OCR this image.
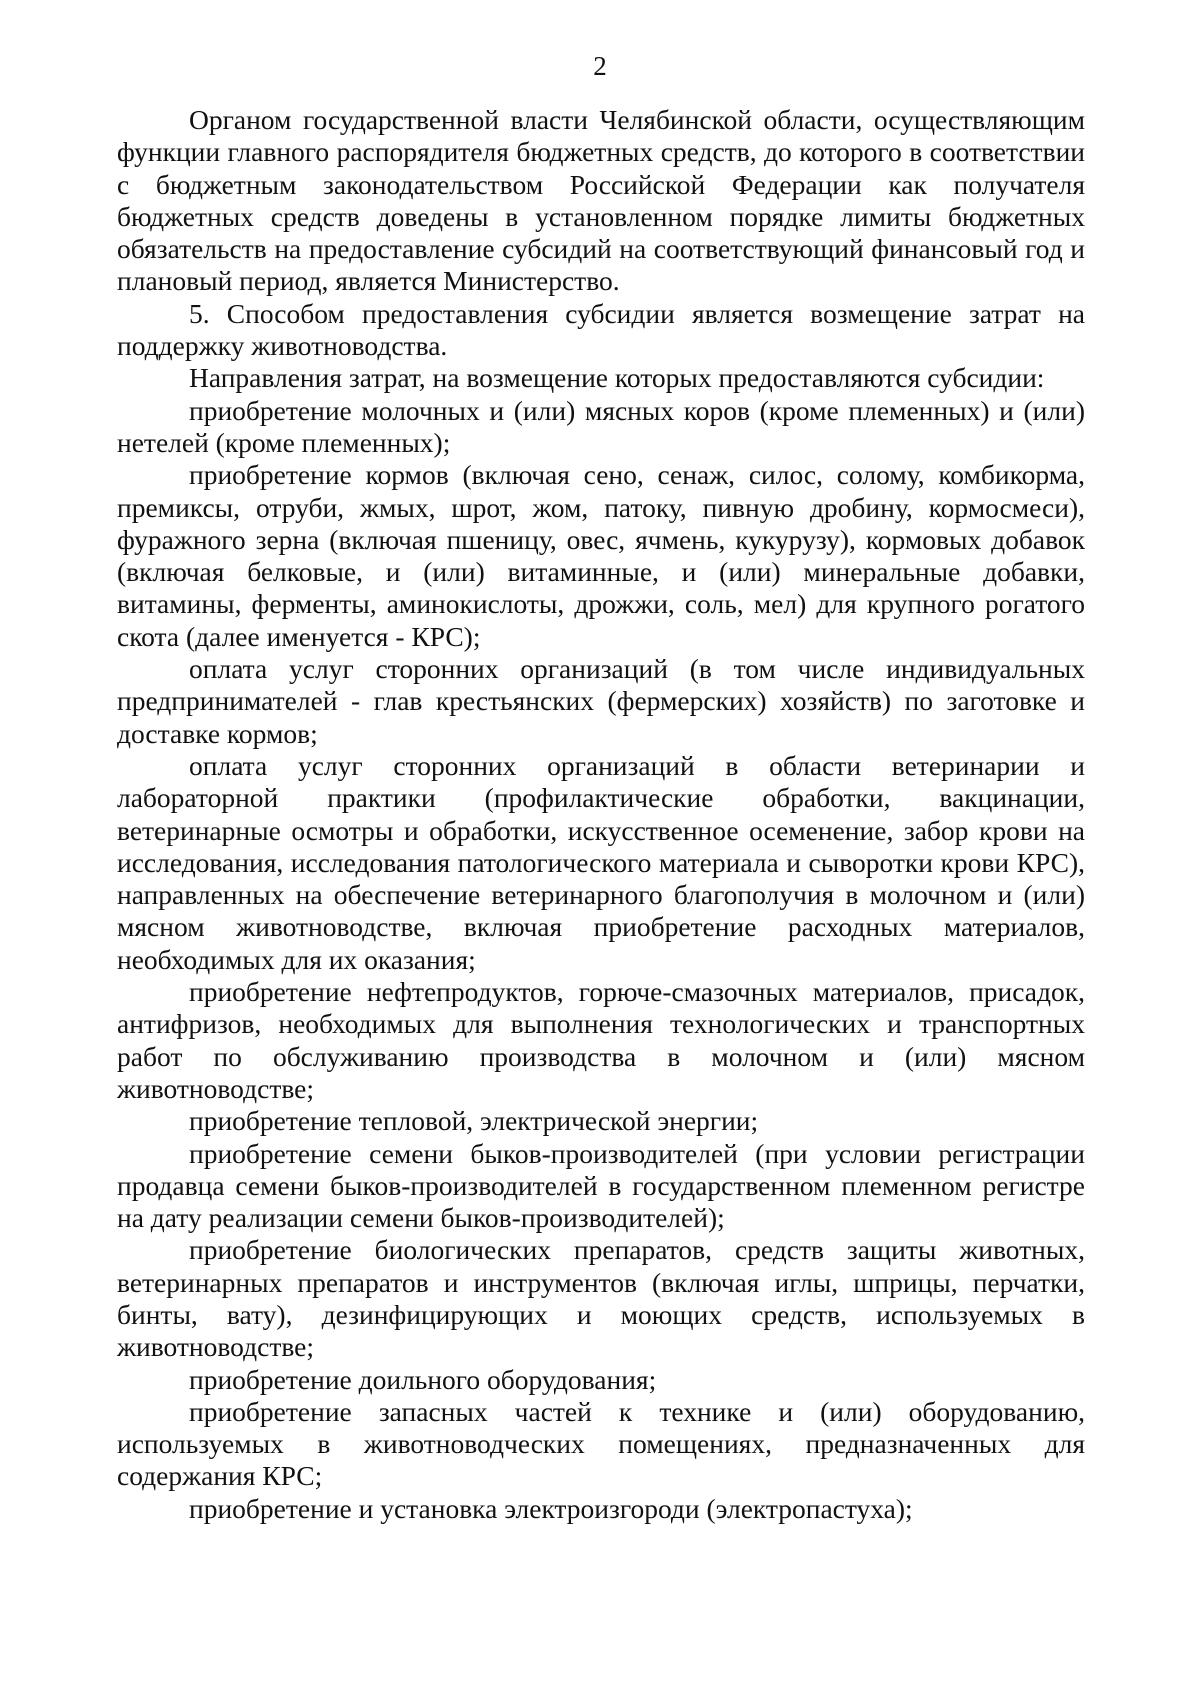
2

Органом государственной власти Челябинской области, осуществляющим функции главного распорядителя бюджетных средств, до которого в соответствии с бюджетным законодательством Российской Федерации как получателя бюджетных средств доведены в установленном порядке лимиты бюджетных обязательств на предоставление субсидий на соответствующий финансовый год и плановый период, является Министерство.

5. Способом предоставления субсидии является возмещение затрат на поддержку животноводства.

Направления затрат, на возмещение которых предоставляются субсидии:

приобретение молочных и (или) мясных коров (кроме племенных) и (или) нетелей (кроме племенных);

приобретение кормов (включая сено, сенаж, силос, солому, комбикорма, премиксы, отруби, жмых, шрот, жом, патоку, пивную дробину, кормосмеси), фуражного зерна (включая пшеницу, овес, ячмень, кукурузу), кормовых добавок (включая белковые, и (или) витаминные, и (или) минеральные добавки, витамины, ферменты, аминокислоты, дрожжи, соль, мел) для крупного рогатого скота (далее именуется - КРС);

оплата услуг сторонних организаций (в том числе индивидуальных предпринимателей - глав крестьянских (фермерских) хозяйств) по заготовке и доставке кормов;

оплата услуг сторонних организаций в области ветеринарии и лабораторной практики (профилактические обработки, вакцинации, ветеринарные осмотры и обработки, искусственное осеменение, забор крови на исследования, исследования патологического материала и сыворотки крови КРС), направленных на обеспечение ветеринарного благополучия в молочном и (или) мясном животноводстве, включая приобретение расходных материалов, необходимых для их оказания;

приобретение нефтепродуктов, горюче-смазочных материалов, присадок, антифризов, необходимых для выполнения технологических и транспортных работ по обслуживанию производства в молочном и (или) мясном животноводстве;

приобретение тепловой, электрической энергии;

приобретение семени быков-производителей (при условии регистрации продавца семени быков-производителей в государственном племенном регистре на дату реализации семени быков-производителей);

приобретение биологических препаратов, средств защиты животных, ветеринарных препаратов и инструментов (включая иглы, шприцы, перчатки, бинты, вату), дезинфицирующих и моющих средств, используемых в животноводстве;

приобретение доильного оборудования;

приобретение запасных частей к технике и (или) оборудованию, используемых в животноводческих помещениях, предназначенных для содержания КРС;

приобретение и установка электроизгороди (электропастуха);
